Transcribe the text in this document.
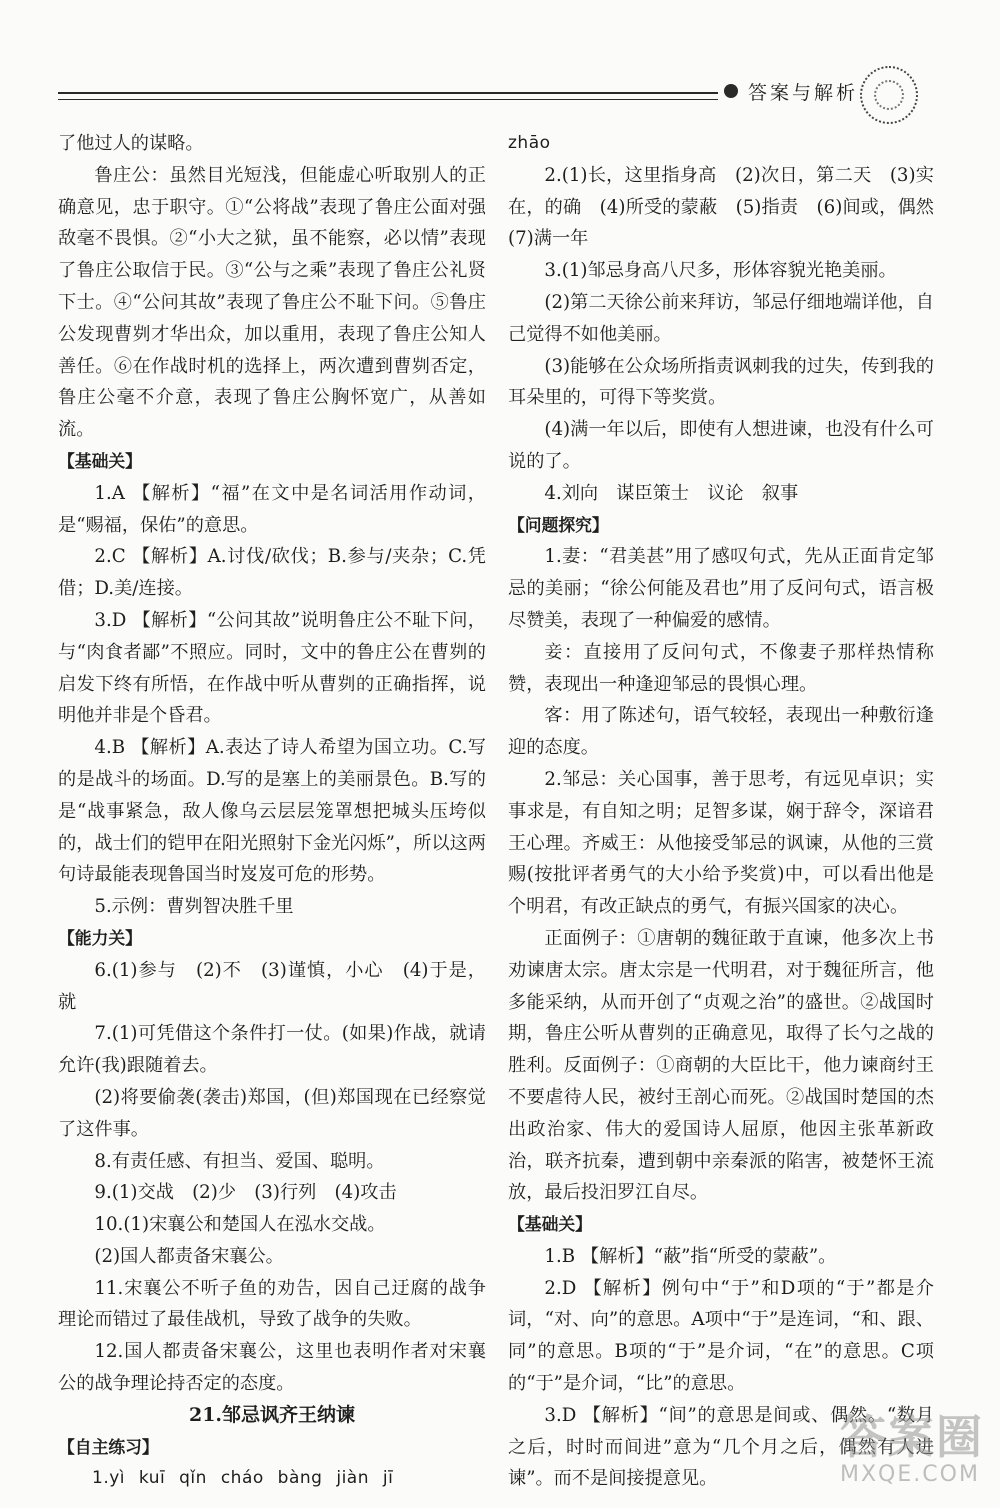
答案与解析

了他过人的谋略。

鲁庄公：虽然目光短浅，但能虚心听取别人的正确意见，忠于职守。①“公将战”表现了鲁庄公面对强敌毫不畏惧。②“小大之狱，虽不能察，必以情”表现了鲁庄公取信于民。③“公与之乘”表现了鲁庄公礼贤下士。④“公问其故”表现了鲁庄公不耻下问。⑤鲁庄公发现曹刿才华出众，加以重用，表现了鲁庄公知人善任。⑥在作战时机的选择上，两次遭到曹刿否定，鲁庄公毫不介意，表现了鲁庄公胸怀宽广，从善如流。

【基础关】

1.A 【解析】“福”在文中是名词活用作动词，是“赐福，保佑”的意思。

2.C 【解析】A.讨伐/砍伐；B.参与/夹杂；C.凭借；D.美/连接。

3.D 【解析】“公问其故”说明鲁庄公不耻下问，与“肉食者鄙”不照应。同时，文中的鲁庄公在曹刿的启发下终有所悟，在作战中听从曹刿的正确指挥，说明他并非是个昏君。

4.B 【解析】A.表达了诗人希望为国立功。C.写的是战斗的场面。D.写的是塞上的美丽景色。B.写的是“战事紧急，敌人像乌云层层笼罩想把城头压垮似的，战士们的铠甲在阳光照射下金光闪烁”，所以这两句诗最能表现鲁国当时岌岌可危的形势。

5.示例：曹刿智决胜千里

【能力关】

6.(1)参与　(2)不　(3)谨慎，小心　(4)于是，就

7.(1)可凭借这个条件打一仗。(如果)作战，就请允许(我)跟随着去。

(2)将要偷袭(袭击)郑国，(但)郑国现在已经察觉了这件事。

8.有责任感、有担当、爱国、聪明。

9.(1)交战　(2)少　(3)行列　(4)攻击

10.(1)宋襄公和楚国人在泓水交战。

(2)国人都责备宋襄公。

11.宋襄公不听子鱼的劝告，因自己迂腐的战争理论而错过了最佳战机，导致了战争的失败。

12.国人都责备宋襄公，这里也表明作者对宋襄公的战争理论持否定的态度。

21.邹忌讽齐王纳谏

【自主练习】

1.yì kuī qǐn cháo bàng jiàn jī

zhāo

2.(1)长，这里指身高　(2)次日，第二天　(3)实在，的确　(4)所受的蒙蔽　(5)指责　(6)间或，偶然　(7)满一年

3.(1)邹忌身高八尺多，形体容貌光艳美丽。

(2)第二天徐公前来拜访，邹忌仔细地端详他，自己觉得不如他美丽。

(3)能够在公众场所指责讽刺我的过失，传到我的耳朵里的，可得下等奖赏。

(4)满一年以后，即使有人想进谏，也没有什么可说的了。

4.刘向　谋臣策士　议论　叙事

【问题探究】

1.妻：“君美甚”用了感叹句式，先从正面肯定邹忌的美丽；“徐公何能及君也”用了反问句式，语言极尽赞美，表现了一种偏爱的感情。

妾：直接用了反问句式，不像妻子那样热情称赞，表现出一种逢迎邹忌的畏惧心理。

客：用了陈述句，语气较轻，表现出一种敷衍逢迎的态度。

2.邹忌：关心国事，善于思考，有远见卓识；实事求是，有自知之明；足智多谋，娴于辞令，深谙君王心理。齐威王：从他接受邹忌的讽谏，从他的三赏赐(按批评者勇气的大小给予奖赏)中，可以看出他是个明君，有改正缺点的勇气，有振兴国家的决心。

正面例子：①唐朝的魏征敢于直谏，他多次上书劝谏唐太宗。唐太宗是一代明君，对于魏征所言，他多能采纳，从而开创了“贞观之治”的盛世。②战国时期，鲁庄公听从曹刿的正确意见，取得了长勺之战的胜利。反面例子：①商朝的大臣比干，他力谏商纣王不要虐待人民，被纣王剖心而死。②战国时楚国的杰出政治家、伟大的爱国诗人屈原，他因主张革新政治，联齐抗秦，遭到朝中亲秦派的陷害，被楚怀王流放，最后投汨罗江自尽。

【基础关】

1.B 【解析】“蔽”指“所受的蒙蔽”。

2.D 【解析】例句中“于”和D项的“于”都是介词，“对、向”的意思。A项中“于”是连词，“和、跟、同”的意思。B项的“于”是介词，“在”的意思。C项的“于”是介词，“比”的意思。

3.D 【解析】“间”的意思是间或、偶然。“数月之后，时时而间进”意为“几个月之后，偶然有人进谏”。而不是间接提意见。

答案圈
MXQE.COM
